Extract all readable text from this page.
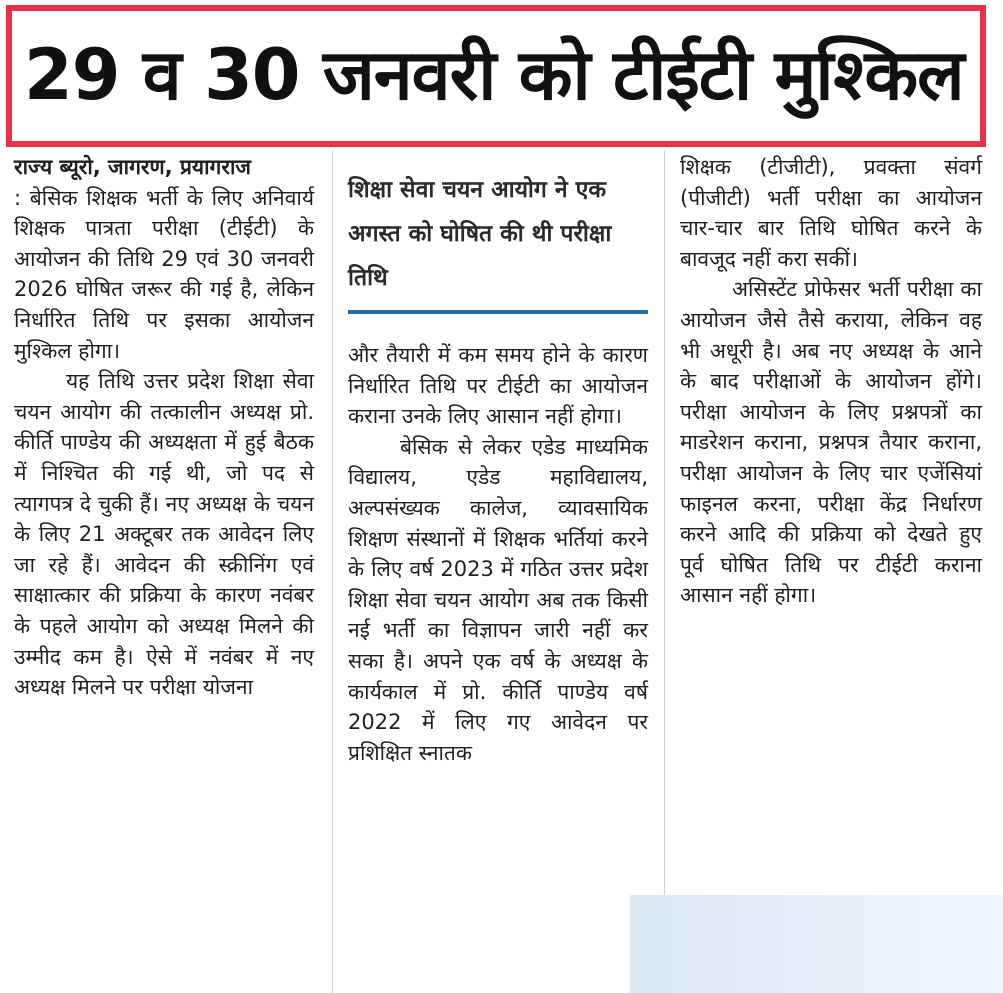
29 व 30 जनवरी को टीईटी मुश्किल

राज्य ब्यूरो, जागरण, प्रयागराज

: बेसिक शिक्षक भर्ती के लिए अनिवार्य शिक्षक पात्रता परीक्षा (टीईटी) के आयोजन की तिथि 29 एवं 30 जनवरी 2026 घोषित जरूर की गई है, लेकिन निर्धारित तिथि पर इसका आयोजन मुश्किल होगा।

यह तिथि उत्तर प्रदेश शिक्षा सेवा चयन आयोग की तत्कालीन अध्यक्ष प्रो. कीर्ति पाण्डेय की अध्यक्षता में हुई बैठक में निश्चित की गई थी, जो पद से त्यागपत्र दे चुकी हैं। नए अध्यक्ष के चयन के लिए 21 अक्टूबर तक आवेदन लिए जा रहे हैं। आवेदन की स्क्रीनिंग एवं साक्षात्कार की प्रक्रिया के कारण नवंबर के पहले आयोग को अध्यक्ष मिलने की उम्मीद कम है। ऐसे में नवंबर में नए अध्यक्ष मिलने पर परीक्षा योजना

शिक्षा सेवा चयन आयोग ने एक अगस्त को घोषित की थी परीक्षा तिथि

और तैयारी में कम समय होने के कारण निर्धारित तिथि पर टीईटी का आयोजन कराना उनके लिए आसान नहीं होगा।

बेसिक से लेकर एडेड माध्यमिक विद्यालय, एडेड महाविद्यालय, अल्पसंख्यक कालेज, व्यावसायिक शिक्षण संस्थानों में शिक्षक भर्तियां करने के लिए वर्ष 2023 में गठित उत्तर प्रदेश शिक्षा सेवा चयन आयोग अब तक किसी नई भर्ती का विज्ञापन जारी नहीं कर सका है। अपने एक वर्ष के अध्यक्ष के कार्यकाल में प्रो. कीर्ति पाण्डेय वर्ष 2022 में लिए गए आवेदन पर प्रशिक्षित स्नातक

शिक्षक (टीजीटी), प्रवक्ता संवर्ग (पीजीटी) भर्ती परीक्षा का आयोजन चार-चार बार तिथि घोषित करने के बावजूद नहीं करा सकीं।

असिस्टेंट प्रोफेसर भर्ती परीक्षा का आयोजन जैसे तैसे कराया, लेकिन वह भी अधूरी है। अब नए अध्यक्ष के आने के बाद परीक्षाओं के आयोजन होंगे। परीक्षा आयोजन के लिए प्रश्नपत्रों का माडरेशन कराना, प्रश्नपत्र तैयार कराना, परीक्षा आयोजन के लिए चार एजेंसियां फाइनल करना, परीक्षा केंद्र निर्धारण करने आदि की प्रक्रिया को देखते हुए पूर्व घोषित तिथि पर टीईटी कराना आसान नहीं होगा।
